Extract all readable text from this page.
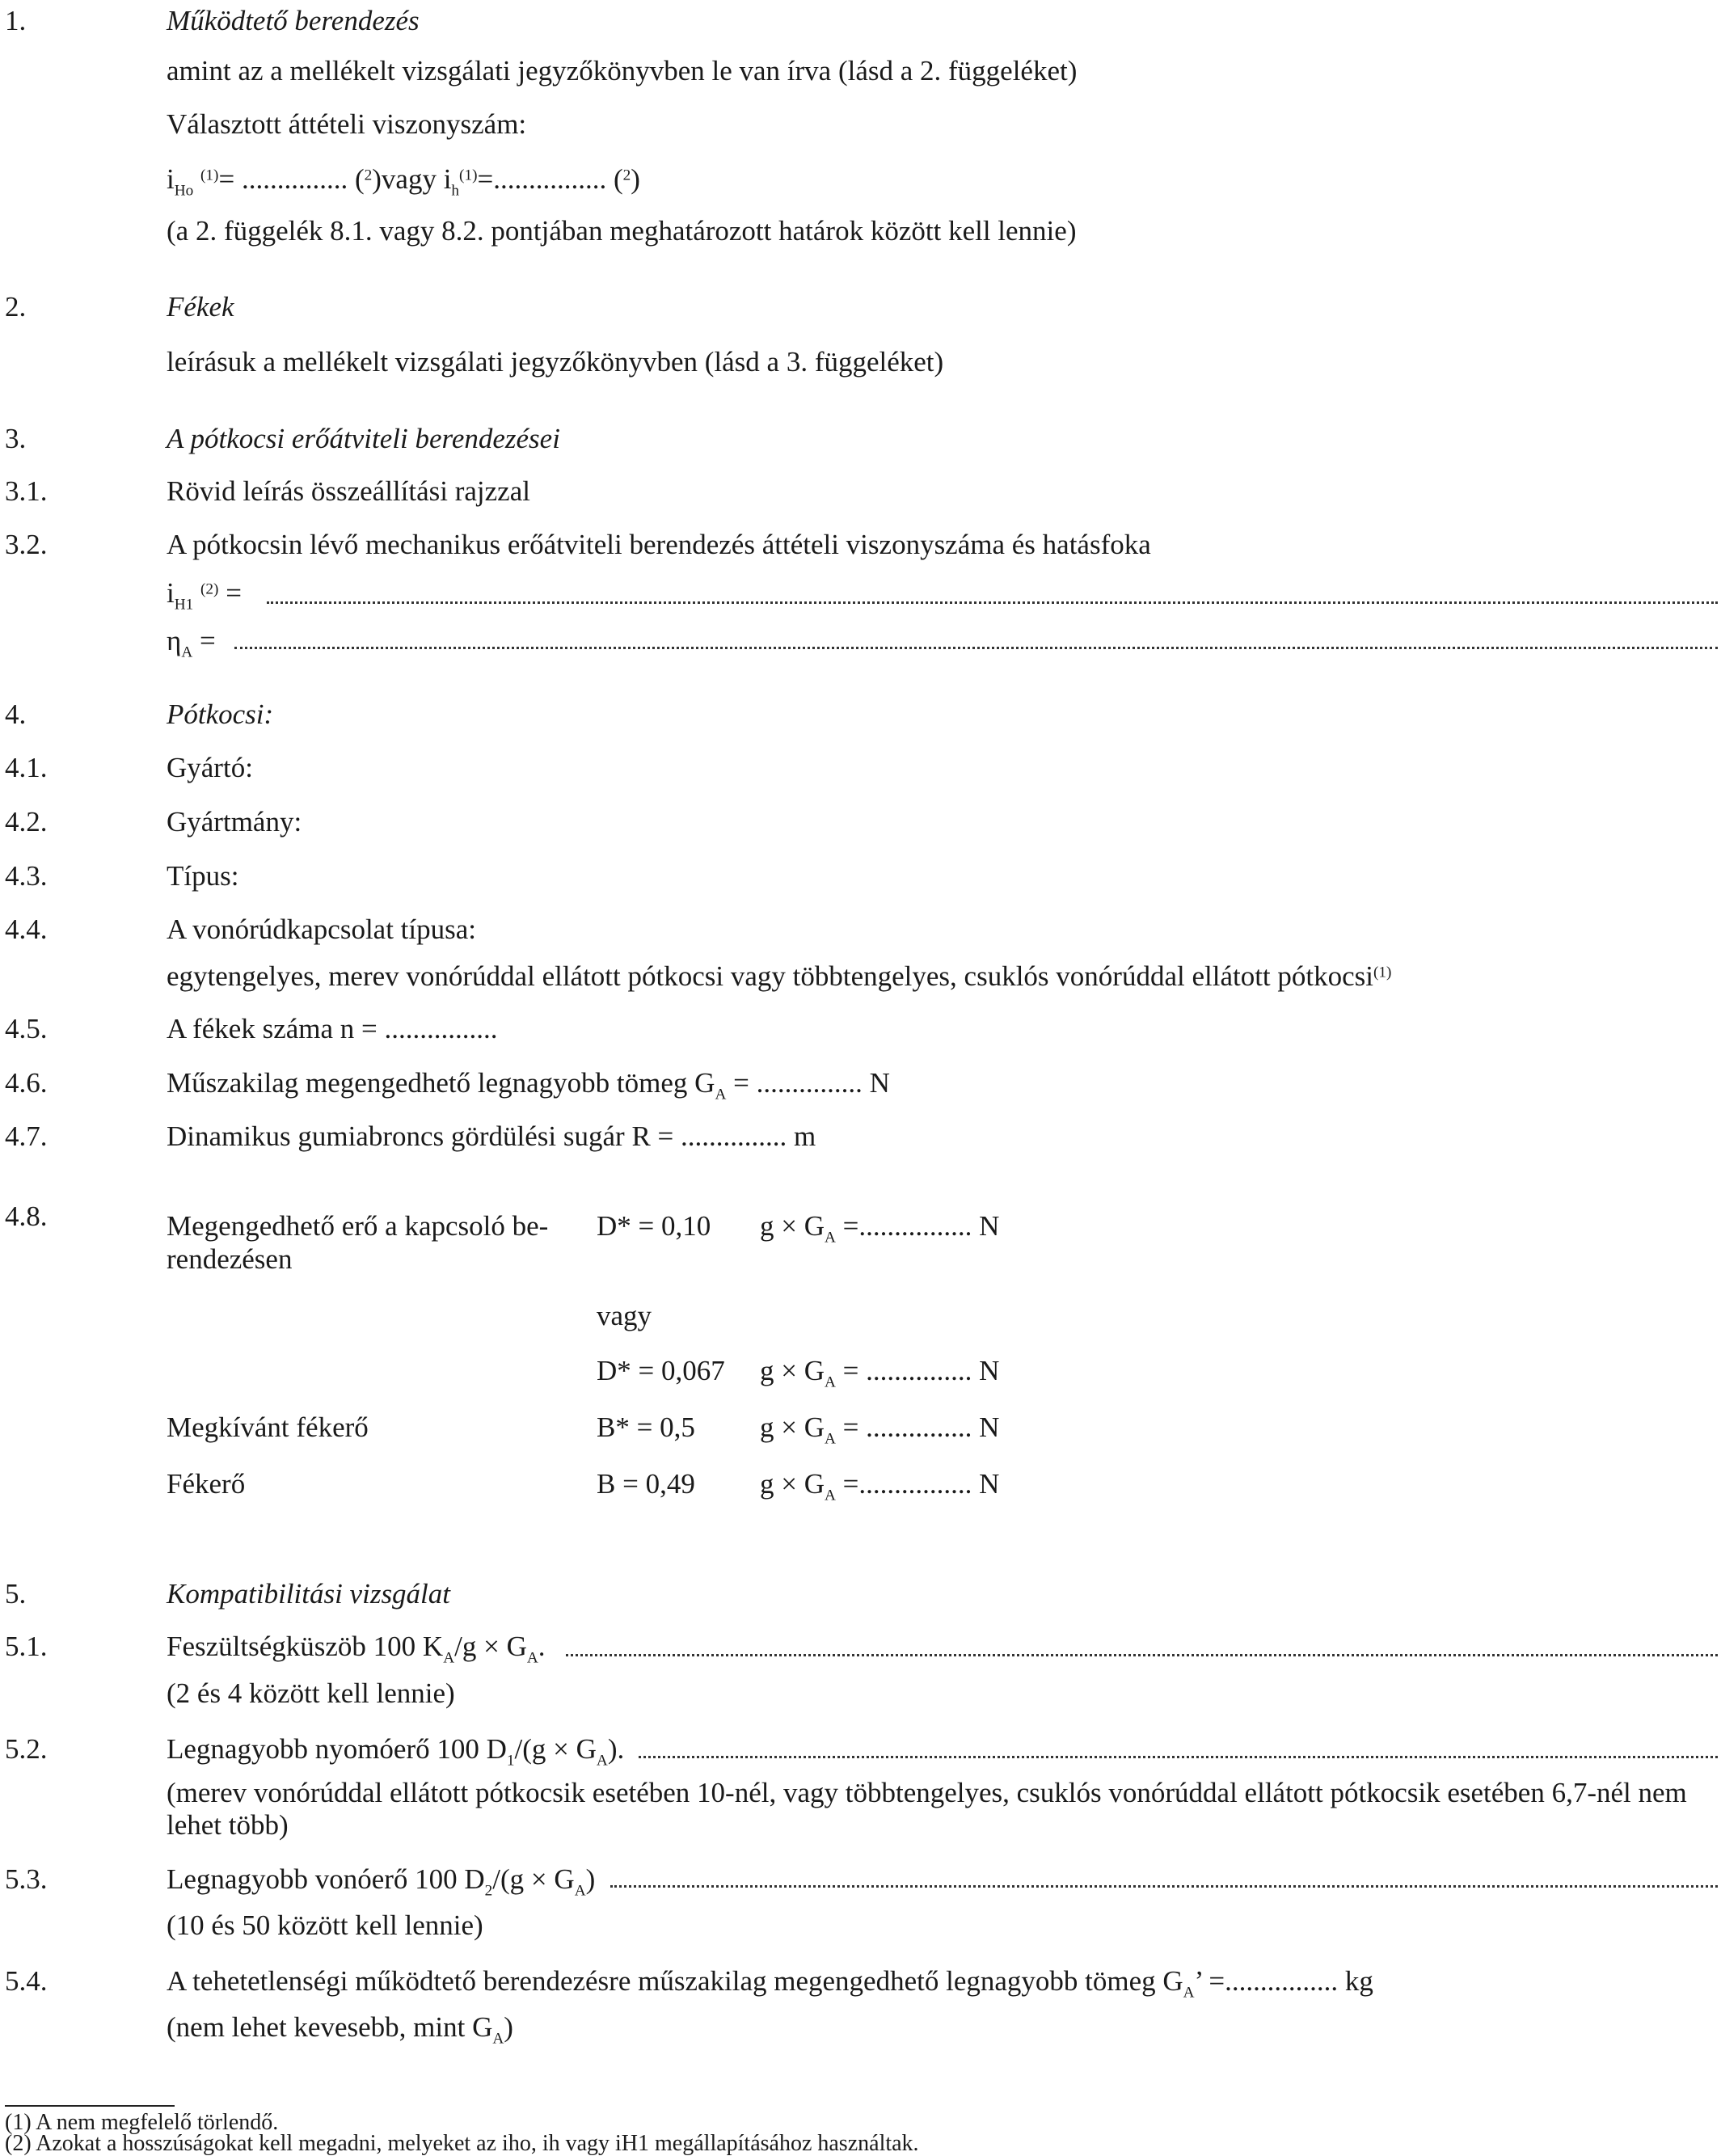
1.	Működtető berendezés
amint az a mellékelt vizsgálati jegyzőkönyvben le van írva (lásd a 2. függeléket)
Választott áttételi viszonyszám:
$i_{Ho}$ $^{(1)}$= ............... ($^2$)vagy $i_h^{(1)}=$................ ($^2$)
(a 2. függelék 8.1. vagy 8.2. pontjában meghatározott határok között kell lennie)
2.	Fékek
leírásuk a mellékelt vizsgálati jegyzőkönyvben (lásd a 3. függeléket)
3.	A pótkocsi erőátviteli berendezései
3.1.	Rövid leírás összeállítási rajzzal
3.2.	A pótkocsin lévő mechanikus erőátviteli berendezés áttételi viszonyszáma és hatásfoka
$i_{H1}$ $^{(2)}$ =
$\eta_A$ =
4.	Pótkocsi:
4.1.	Gyártó:
4.2.	Gyártmány:
4.3.	Típus:
4.4.	A vonórúdkapcsolat típusa:
egytengelyes, merev vonórúddal ellátott pótkocsi vagy többtengelyes, csuklós vonórúddal ellátott pótkocsi$^{(1)}$
4.5.	A fékek száma n = ................
4.6.	Műszakilag megengedhető legnagyobb tömeg $G_A$ = ............... N
4.7.	Dinamikus gumiabroncs gördülési sugár R = ............... m
4.8.	Megengedhető erő a kapcsoló be-
rendezésen
D* = 0,10 $g \times G_A$ =................ N
vagy
D* = 0,067 $g \times G_A$ = ............... N
Megkívánt fékerő	B* = 0,5 $g \times G_A$ = ............... N
Fékerő	B = 0,49 $g \times G_A$ =................ N
5.	Kompatibilitási vizsgálat
5.1.	Feszültségküszöb 100 $K_A/g \times G_A$.
(2 és 4 között kell lennie)
5.2.	Legnagyobb nyomóerő 100 $D_1/(g \times G_A)$.
(merev vonórúddal ellátott pótkocsik esetében 10-nél, vagy többtengelyes, csuklós vonórúddal ellátott pótkocsik esetében 6,7-nél nem lehet több)
5.3.	Legnagyobb vonóerő 100 $D_2/(g \times G_A)$
(10 és 50 között kell lennie)
5.4.	A tehetetlenségi működtető berendezésre műszakilag megengedhető legnagyobb tömeg $G_A$’ =................ kg
(nem lehet kevesebb, mint $G_A$)
(1) A nem megfelelő törlendő.
(2) Azokat a hosszúságokat kell megadni, melyeket az iho, ih vagy iH1 megállapításához használtak.
